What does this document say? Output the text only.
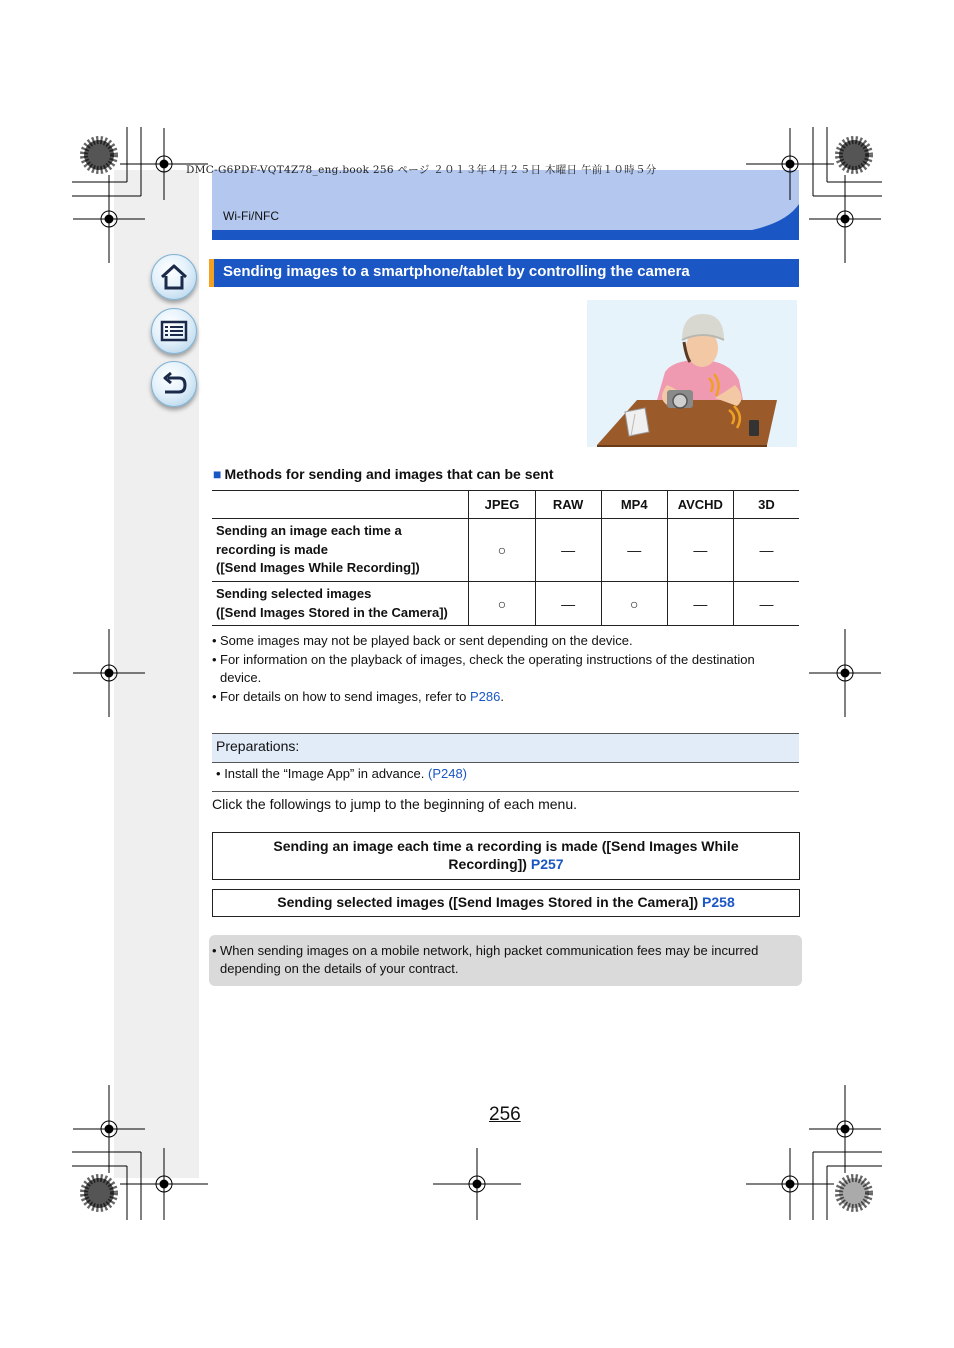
DMC-G6PDF-VQT4Z78_eng.book 256 ページ ２０１３年４月２５日 木曜日 午前１０時５分
Wi-Fi/NFC
Sending images to a smartphone/tablet by controlling the camera
■ Methods for sending and images that can be sent
	JPEG	RAW	MP4	AVCHD	3D

Sending an image each time a
recording is made
([Send Images While Recording])	○	—	—	—	—

Sending selected images
([Send Images Stored in the Camera])	○	—	○	—	—
• Some images may not be played back or sent depending on the device.
• For information on the playback of images, check the operating instructions of the destination
device.
• For details on how to send images, refer to P286.
Preparations:
• Install the “Image App” in advance. (P248)
Click the followings to jump to the beginning of each menu.
Sending an image each time a recording is made ([Send Images While
Recording]) P257
Sending selected images ([Send Images Stored in the Camera]) P258
• When sending images on a mobile network, high packet communication fees may be incurred
depending on the details of your contract.
256
